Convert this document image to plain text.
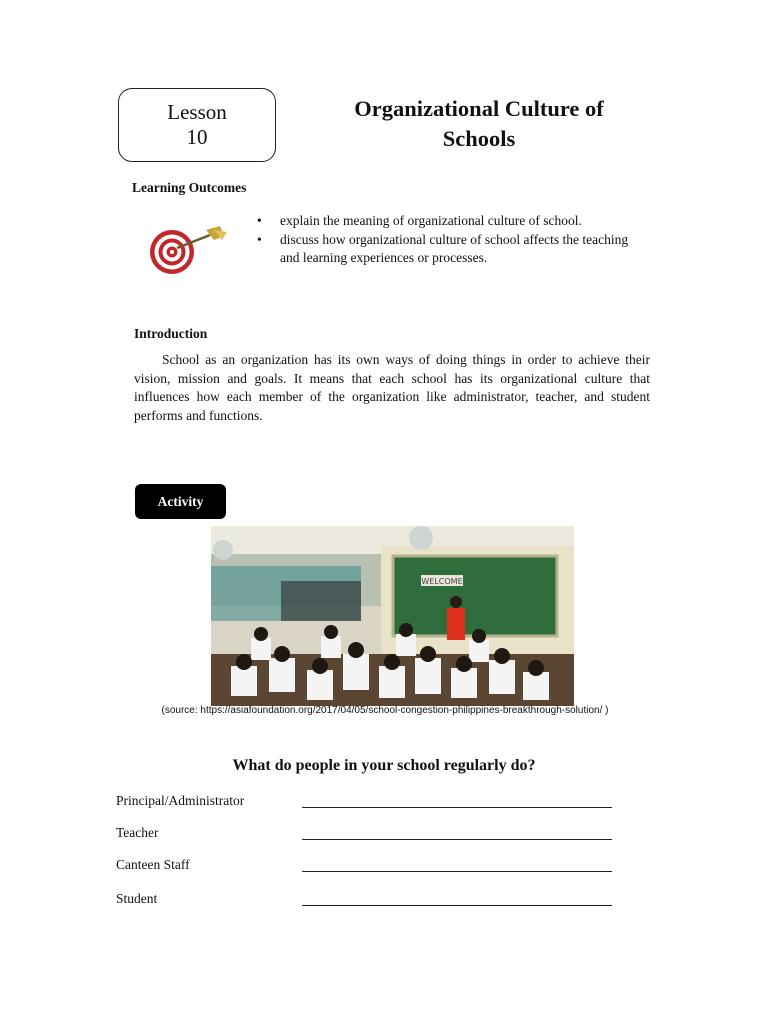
Lesson
10
Organizational Culture of
Schools
Learning Outcomes
• explain the meaning of organizational culture of school.
• discuss how organizational culture of school affects the teaching and learning experiences or processes.
Introduction

School as an organization has its own ways of doing things in order to achieve their vision, mission and goals. It means that each school has its organizational culture that influences how each member of the organization like administrator, teacher, and student performs and functions.

Activity
WELCOME
(source: https://asiafoundation.org/2017/04/05/school-congestion-philippines-breakthrough-solution/ )
What do people in your school regularly do?
Principal/Administrator
Teacher
Canteen Staff
Student
